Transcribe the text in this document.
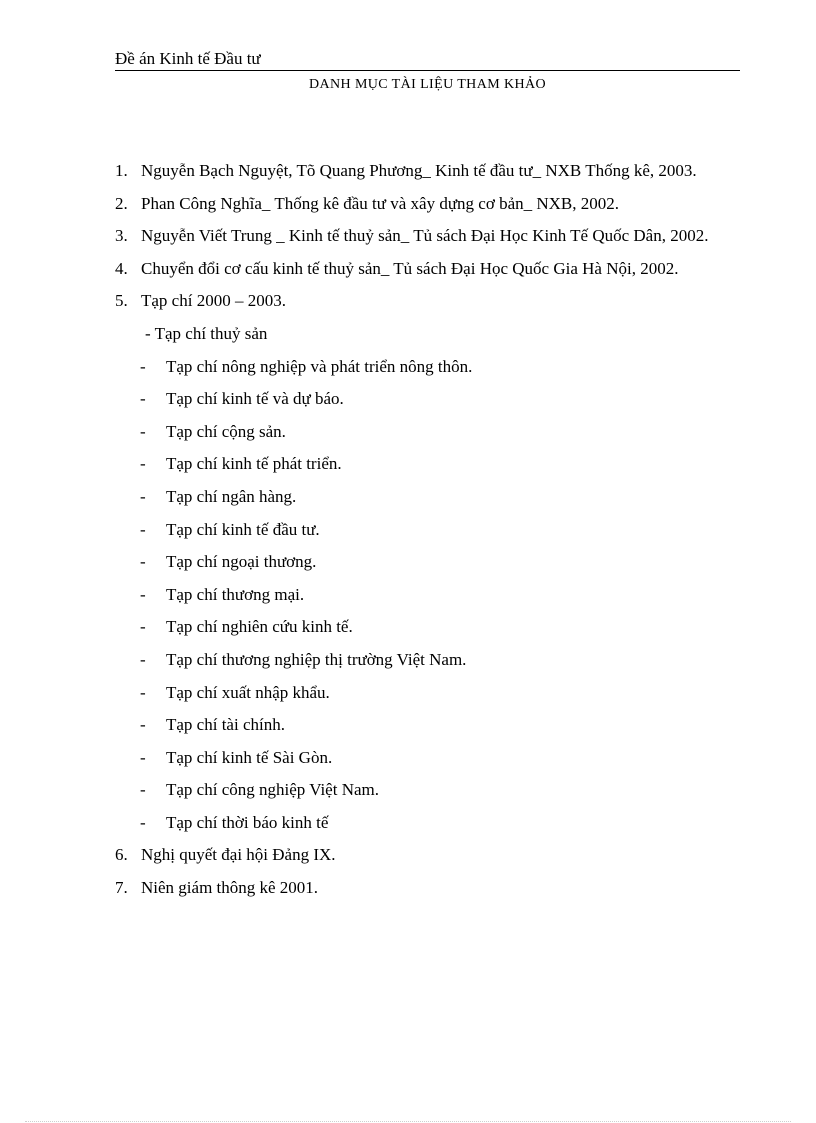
Đề án Kinh tế Đầu tư
DANH MỤC TÀI LIỆU THAM KHẢO
1. Nguyễn Bạch Nguyệt, Tõ Quang Phương_ Kinh tế đầu tư_ NXB Thống kê, 2003.
2. Phan Công Nghĩa_ Thống kê đầu tư và xây dựng cơ bản_ NXB, 2002.
3. Nguyễn Viết Trung _ Kinh tế thuỷ sản_ Tủ sách Đại Học Kinh Tế Quốc Dân, 2002.
4. Chuyển đổi cơ cấu kinh tế thuỷ sản_ Tủ sách Đại Học Quốc Gia Hà Nội, 2002.
5. Tạp chí 2000 – 2003.
- Tạp chí thuỷ sản
- Tạp chí nông nghiệp và phát triển nông thôn.
- Tạp chí kinh tế và dự báo.
- Tạp chí cộng sản.
- Tạp chí kinh tế phát triển.
- Tạp chí ngân hàng.
- Tạp chí kinh tế đầu tư.
- Tạp chí ngoại thương.
- Tạp chí thương mại.
- Tạp chí nghiên cứu kinh tế.
- Tạp chí thương nghiệp thị trường Việt Nam.
- Tạp chí xuất nhập khẩu.
- Tạp chí tài chính.
- Tạp chí kinh tế Sài Gòn.
- Tạp chí công nghiệp Việt Nam.
- Tạp chí thời báo kinh tế
6. Nghị quyết đại hội Đảng IX.
7. Niên giám thông kê 2001.
